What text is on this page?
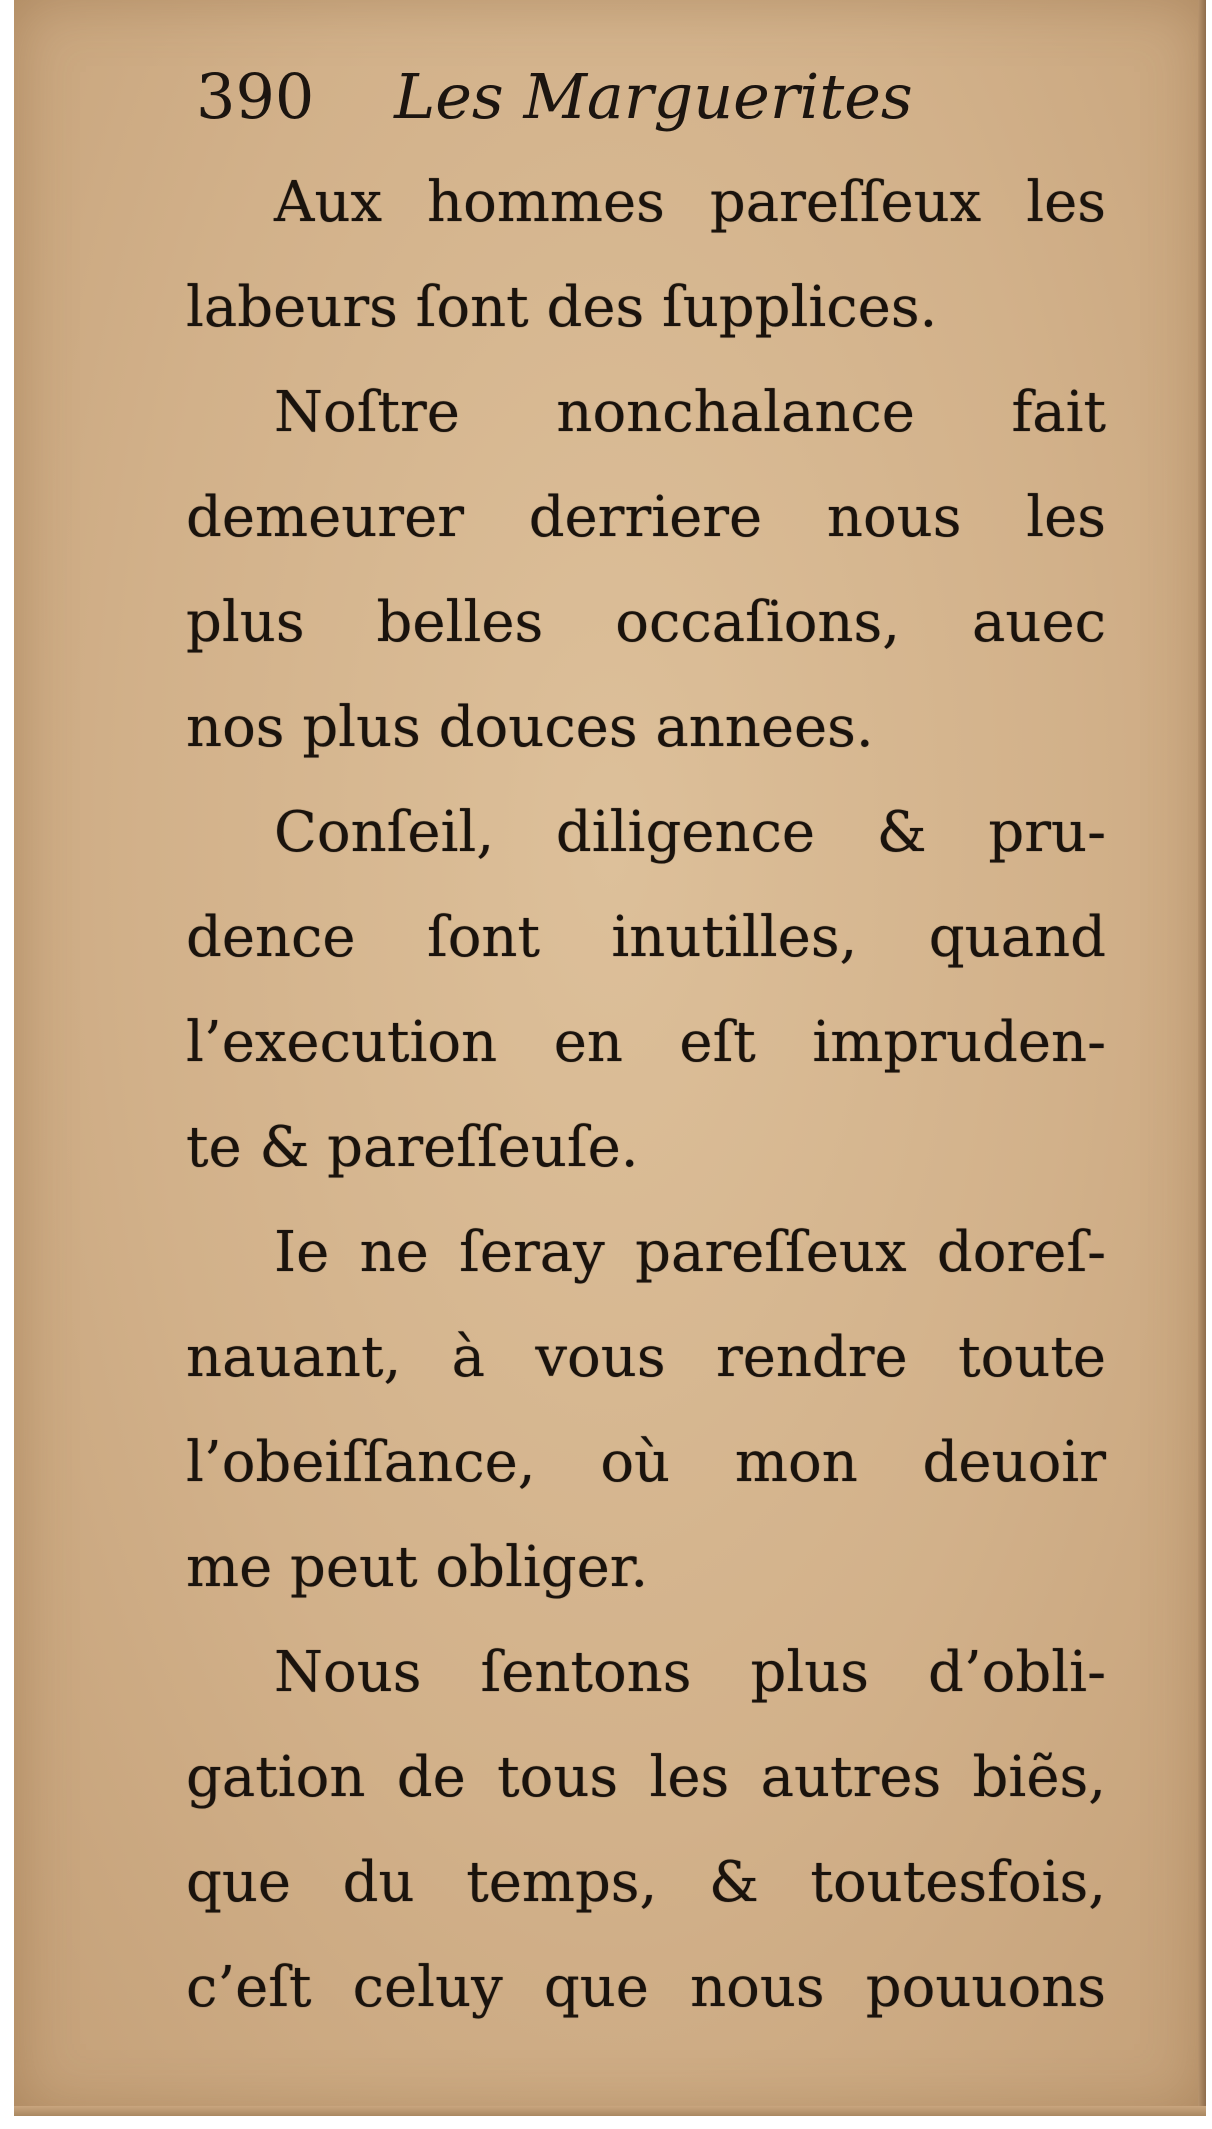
390 Les Marguerites
Aux hommes pareſſeux les
labeurs ſont des ſupplices.
Noſtre nonchalance fait
demeurer derriere nous les
plus belles occaſions, auec
nos plus douces annees.
Conſeil, diligence & pru-
dence ſont inutilles, quand
l’execution en eſt impruden-
te & pareſſeuſe.
Ie ne ſeray pareſſeux doreſ-
nauant, à vous rendre toute
l’obeiſſance, où mon deuoir
me peut obliger.
Nous ſentons plus d’obli-
gation de tous les autres biẽs,
que du temps, & toutesfois,
c’eſt celuy que nous pouuons
